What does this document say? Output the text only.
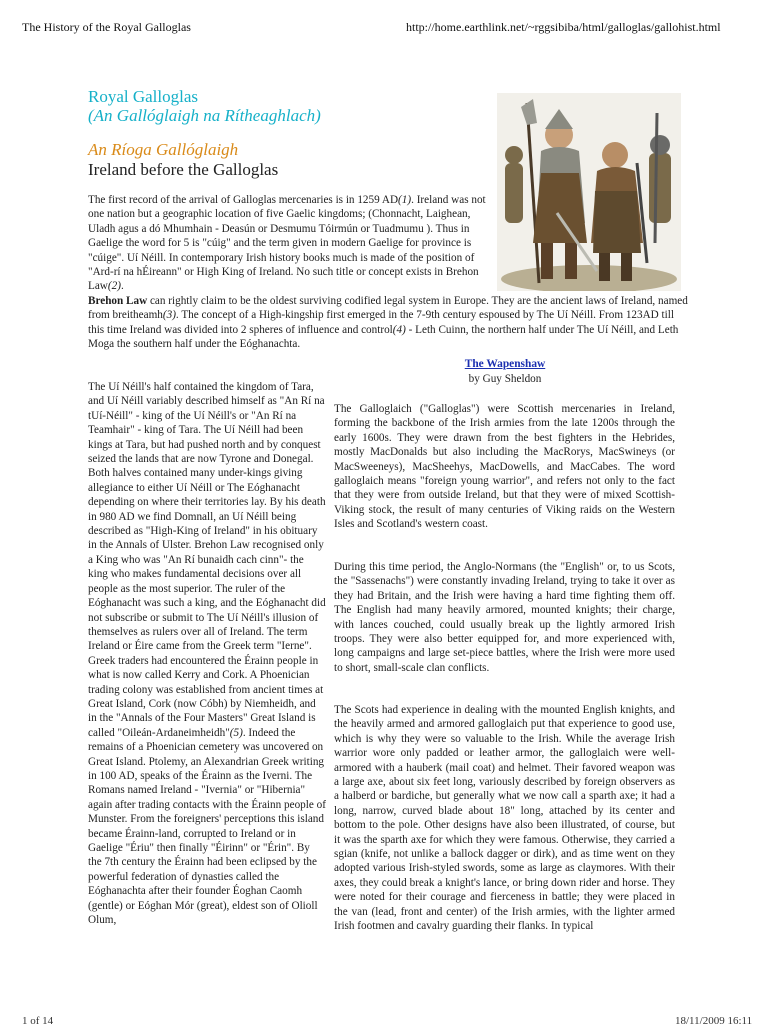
The History of the Royal Galloglas	http://home.earthlink.net/~rggsibiba/html/galloglas/gallohist.html
Royal Galloglas
(An Gallóglaigh na Rítheaghlach)
An Ríoga Gallóglaigh
Ireland before the Galloglas

The first record of the arrival of Galloglas mercenaries is in 1259 AD(1). Ireland was not one nation but a geographic location of five Gaelic kingdoms; (Chonnacht, Laighean, Uladh agus a dó Mhumhain - Deasún or Desmumu Tóirmún or Tuadmumu ). Thus in Gaelige the word for 5 is "cúig" and the term given in modern Gaelige for province is "cúige". Uí Néill. In contemporary Irish history books much is made of the position of "Ard-rí na hÉireann" or High King of Ireland. No such title or concept exists in Brehon Law(2).
Brehon Law can rightly claim to be the oldest surviving codified legal system in Europe. They are the ancient laws of Ireland, named from breitheamh(3). The concept of a High-kingship first emerged in the 7-9th century espoused by The Uí Néill. From 123AD till this time Ireland was divided into 2 spheres of influence and control(4) - Leth Cuinn, the northern half under The Uí Néill, and Leth Moga the southern half under the Eóghanachta.

The Uí Néill's half contained the kingdom of Tara, and Uí Néill variably described himself as "An Rí na tUí-Néill" - king of the Uí Néill's or "An Rí na Teamhair" - king of Tara. The Uí Néill had been kings at Tara, but had pushed north and by conquest seized the lands that are now Tyrone and Donegal. Both halves contained many under-kings giving allegiance to either Uí Néill or The Eóghanacht depending on where their territories lay. By his death in 980 AD we find Domnall, an Uí Néill being described as "High-King of Ireland" in his obituary in the Annals of Ulster. Brehon Law recognised only a King who was "An Rí bunaidh cach cinn"- the king who makes fundamental decisions over all people as the most superior. The ruler of the Eóghanacht was such a king, and the Eóghanacht did not subscribe or submit to The Uí Néill's illusion of themselves as rulers over all of Ireland. The term Ireland or Éire came from the Greek term "Ierne". Greek traders had encountered the Érainn people in what is now called Kerry and Cork. A Phoenician trading colony was established from ancient times at Great Island, Cork (now Cóbh) by Niemheidh, and in the "Annals of the Four Masters" Great Island is called "Oileán-Ardaneimheidh"(5). Indeed the remains of a Phoenician cemetery was uncovered on Great Island. Ptolemy, an Alexandrian Greek writing in 100 AD, speaks of the Érainn as the Iverni. The Romans named Ireland - "Ivernia" or "Hibernia" again after trading contacts with the Érainn people of Munster. From the foreigners' perceptions this island became Érainn-land, corrupted to Ireland or in Gaelige "Ériu" then finally "Éirinn" or "Érin". By the 7th century the Érainn had been eclipsed by the powerful federation of dynasties called the Eóghanachta after their founder Éoghan Caomh (gentle) or Eóghan Mór (great), eldest son of Olioll Olum,

The Wapenshaw
by Guy Sheldon

The Galloglaich ("Galloglas") were Scottish mercenaries in Ireland, forming the backbone of the Irish armies from the late 1200s through the early 1600s. They were drawn from the best fighters in the Hebrides, mostly MacDonalds but also including the MacRorys, MacSwineys (or MacSweeneys), MacSheehys, MacDowells, and MacCabes. The word galloglaich means "foreign young warrior", and refers not only to the fact that they were from outside Ireland, but that they were of mixed Scottish-Viking stock, the result of many centuries of Viking raids on the Western Isles and Scotland's western coast.

During this time period, the Anglo-Normans (the "English" or, to us Scots, the "Sassenachs") were constantly invading Ireland, trying to take it over as they had Britain, and the Irish were having a hard time fighting them off. The English had many heavily armored, mounted knights; their charge, with lances couched, could usually break up the lightly armored Irish troops. They were also better equipped for, and more experienced with, long campaigns and large set-piece battles, where the Irish were more used to short, small-scale clan conflicts.

The Scots had experience in dealing with the mounted English knights, and the heavily armed and armored galloglaich put that experience to good use, which is why they were so valuable to the Irish. While the average Irish warrior wore only padded or leather armor, the galloglaich were well-armored with a hauberk (mail coat) and helmet. Their favored weapon was a large axe, about six feet long, variously described by foreign observers as a halberd or bardiche, but generally what we now call a sparth axe; it had a long, narrow, curved blade about 18" long, attached by its center and bottom to the pole. Other designs have also been illustrated, of course, but it was the sparth axe for which they were famous. Otherwise, they carried a sgian (knife, not unlike a ballock dagger or dirk), and as time went on they adopted various Irish-styled swords, some as large as claymores. With their axes, they could break a knight's lance, or bring down rider and horse. They were noted for their courage and fierceness in battle; they were placed in the van (lead, front and center) of the Irish armies, with the lighter armed Irish footmen and cavalry guarding their flanks. In typical

1 of 14	18/11/2009 16:11
